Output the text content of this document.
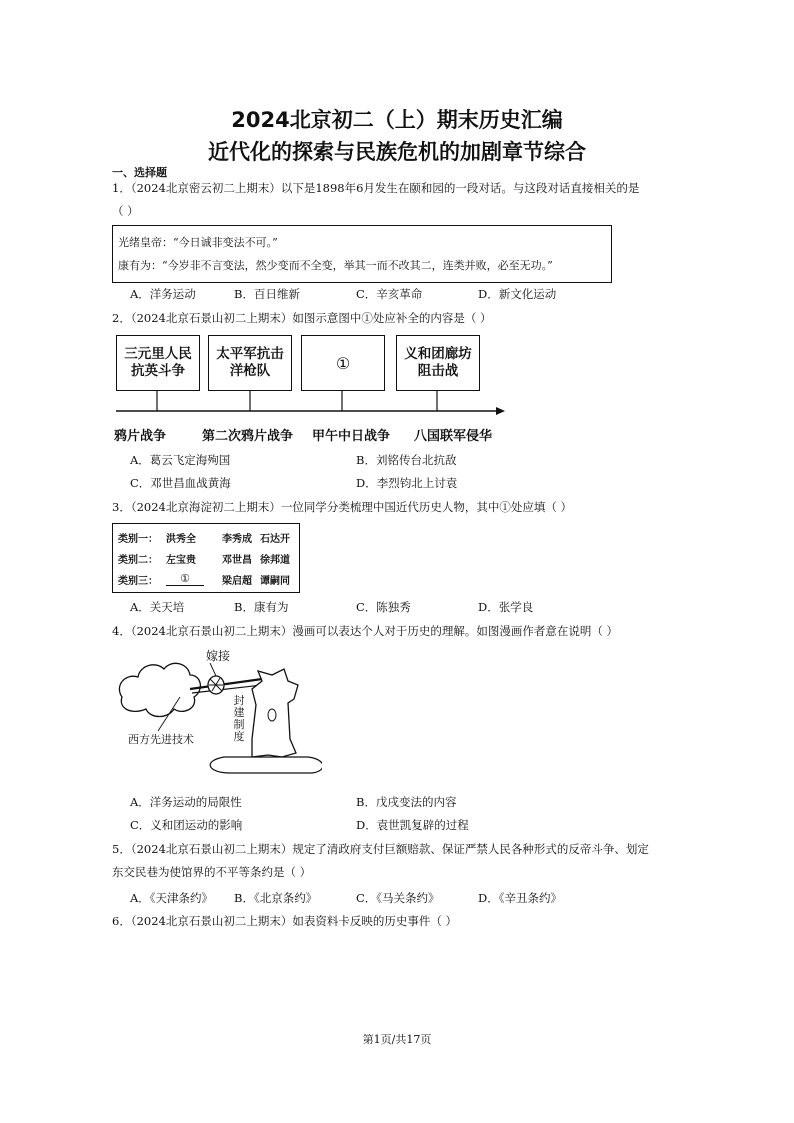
2024北京初二（上）期末历史汇编
近代化的探索与民族危机的加剧章节综合
一、选择题
1．（2024北京密云初二上期末）以下是1898年6月发生在颐和园的一段对话。与这段对话直接相关的是
（ ）
光绪皇帝：“今日诚非变法不可。”
康有为：“今岁非不言变法，然少变而不全变，举其一而不改其二，连类并败，必至无功。”
A．洋务运动	B．百日维新	C．辛亥革命	D．新文化运动
2．（2024北京石景山初二上期末）如图示意图中①处应补全的内容是（ ）
三元里人民
抗英斗争
太平军抗击
洋枪队	①	义和团廊坊
阻击战
鸦片战争	第二次鸦片战争 甲午中日战争 八国联军侵华
A．葛云飞定海殉国	B．刘铭传台北抗敌
C．邓世昌血战黄海	D．李烈钧北上讨袁
3．（2024北京海淀初二上期末）一位同学分类梳理中国近代历史人物，其中①处应填（ ）
类别一： 洪秀全	李秀成 石达开
类别二： 左宝贵	邓世昌 徐邦道
类别三：	①	梁启超 谭嗣同
A．关天培	B．康有为	C．陈独秀	D．张学良
4．（2024北京石景山初二上期末）漫画可以表达个人对于历史的理解。如图漫画作者意在说明（ ）
嫁接
西方先进技术
封
建
制
度
A．洋务运动的局限性	B．戊戌变法的内容
C．义和团运动的影响	D．袁世凯复辟的过程
5．（2024北京石景山初二上期末）规定了清政府支付巨额赔款、保证严禁人民各种形式的反帝斗争、划定
东交民巷为使馆界的不平等条约是（ ）
A．《天津条约》 B．《北京条约》	C．《马关条约》	D．《辛丑条约》
6．（2024北京石景山初二上期末）如表资料卡反映的历史事件（ ）
第1页/共17页
